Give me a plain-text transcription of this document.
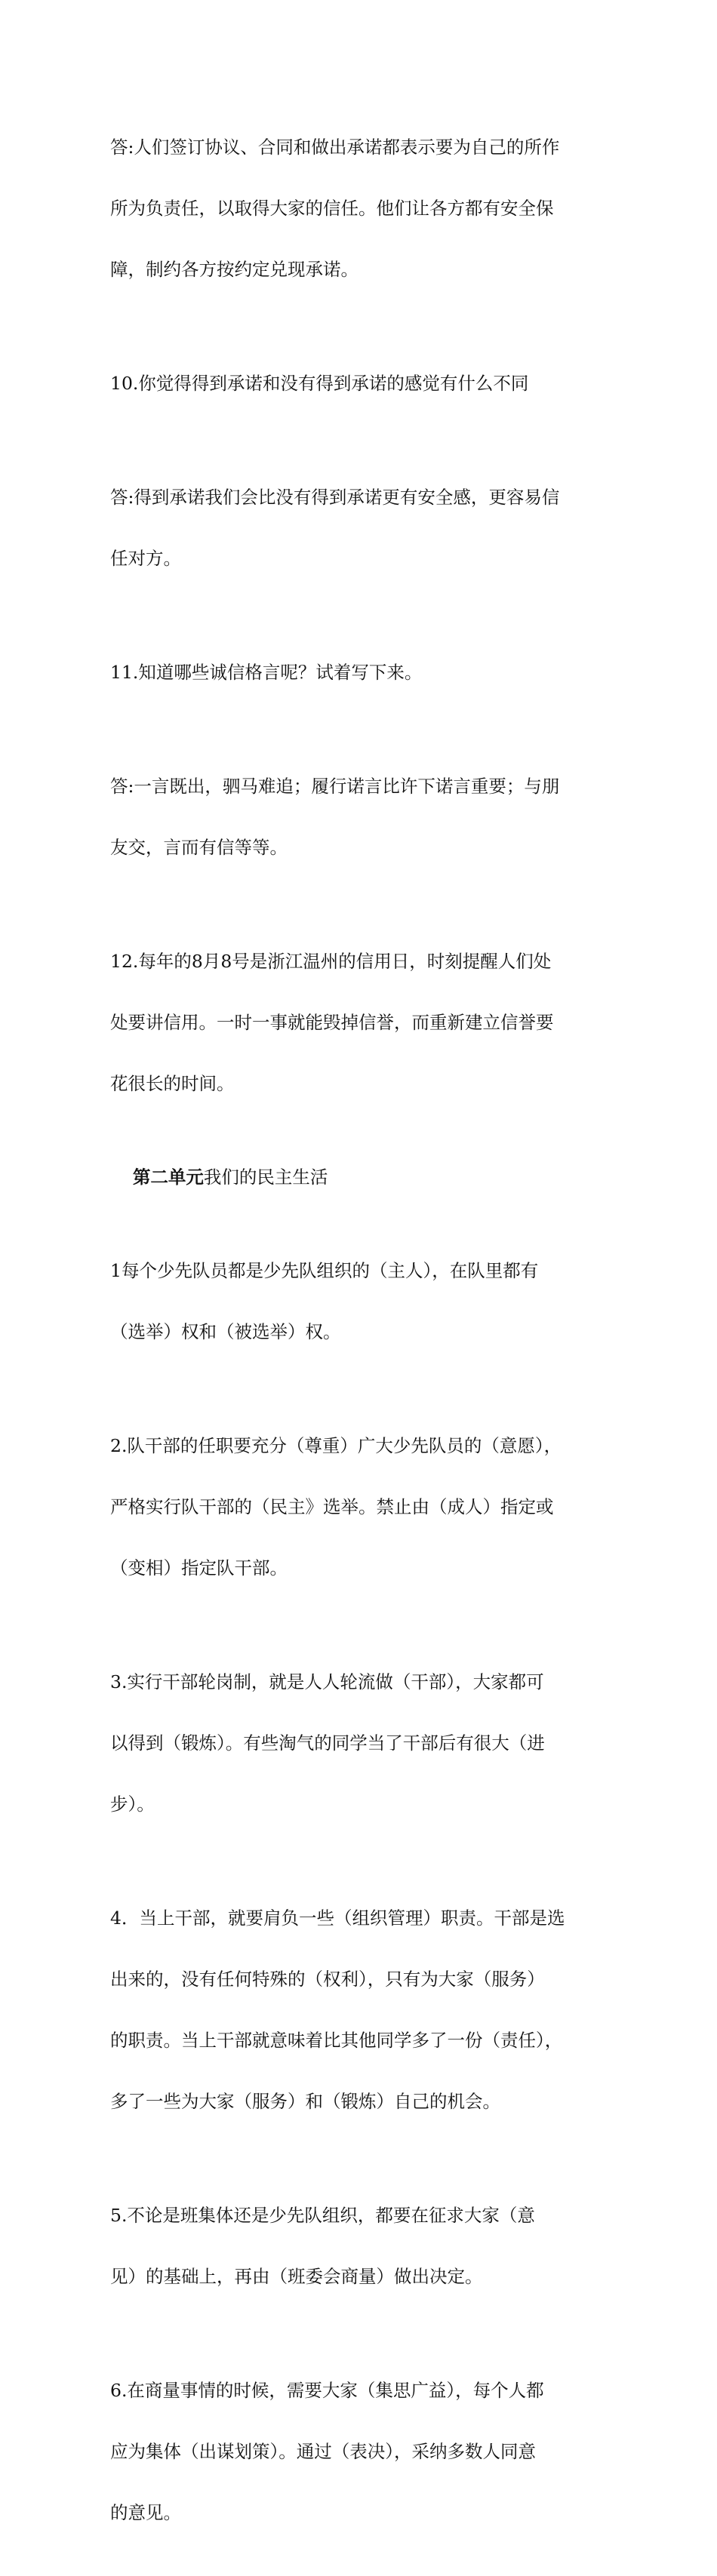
答:人们签订协议、合同和做出承诺都表示要为自己的所作

所为负责任，以取得大家的信任。他们让各方都有安全保

障，制约各方按约定兑现承诺。

10.你觉得得到承诺和没有得到承诺的感觉有什么不同

答:得到承诺我们会比没有得到承诺更有安全感，更容易信

任对方。

11.知道哪些诚信格言呢？试着写下来。

答:一言既出，驷马难追；履行诺言比许下诺言重要；与朋

友交，言而有信等等。

12.每年的8月8号是浙江温州的信用日，时刻提醒人们处

处要讲信用。一时一事就能毁掉信誉，而重新建立信誉要

花很长的时间。

第二单元我们的民主生活

1每个少先队员都是少先队组织的（主人），在队里都有

（选举）权和（被选举）权。

2.队干部的任职要充分（尊重）广大少先队员的（意愿），

严格实行队干部的（民主》选举。禁止由（成人）指定或

（变相）指定队干部。

3.实行干部轮岗制，就是人人轮流做（干部），大家都可

以得到（锻炼）。有些淘气的同学当了干部后有很大（进

步）。

4．当上干部，就要肩负一些（组织管理）职责。干部是选

出来的，没有任何特殊的（权利），只有为大家（服务）

的职责。当上干部就意味着比其他同学多了一份（责任），

多了一些为大家（服务）和（锻炼）自己的机会。

5.不论是班集体还是少先队组织，都要在征求大家（意

见）的基础上，再由（班委会商量）做出决定。

6.在商量事情的时候，需要大家（集思广益），每个人都

应为集体（出谋划策）。通过（表决），采纳多数人同意

的意见。
